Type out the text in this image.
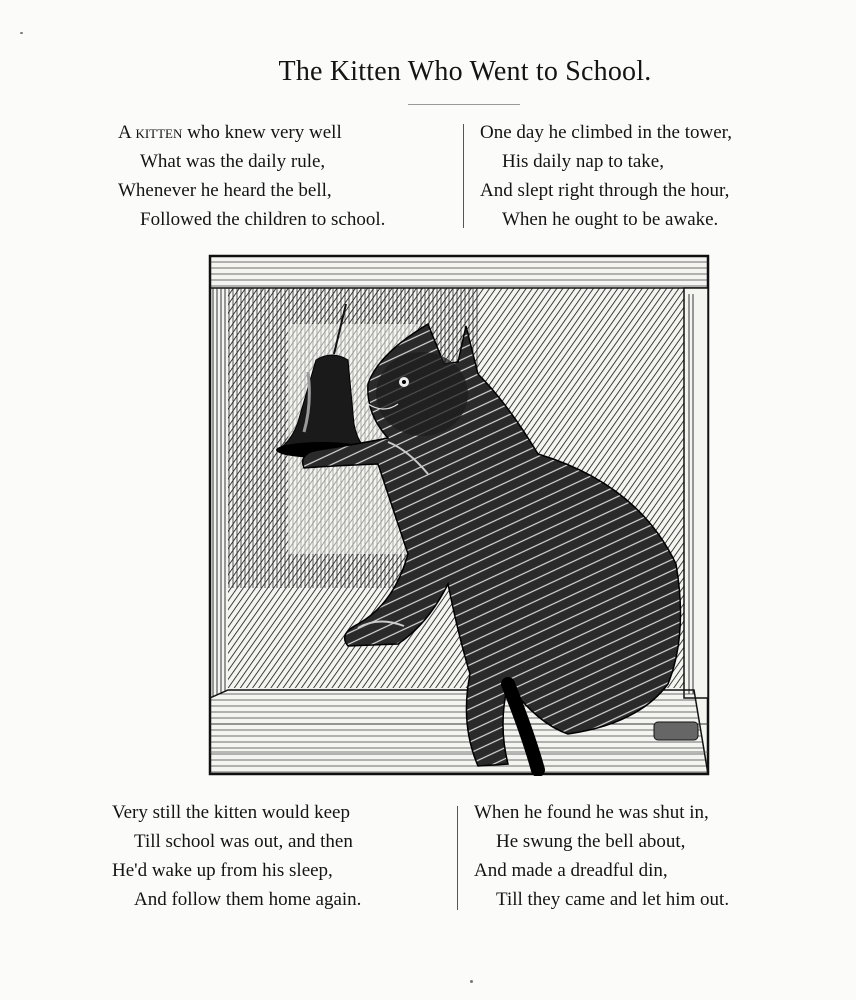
The Kitten Who Went to School.
A kitten who knew very well
What was the daily rule,
Whenever he heard the bell,
Followed the children to school.
One day he climbed in the tower,
His daily nap to take,
And slept right through the hour,
When he ought to be awake.
Very still the kitten would keep
Till school was out, and then
He'd wake up from his sleep,
And follow them home again.
When he found he was shut in,
He swung the bell about,
And made a dreadful din,
Till they came and let him out.
